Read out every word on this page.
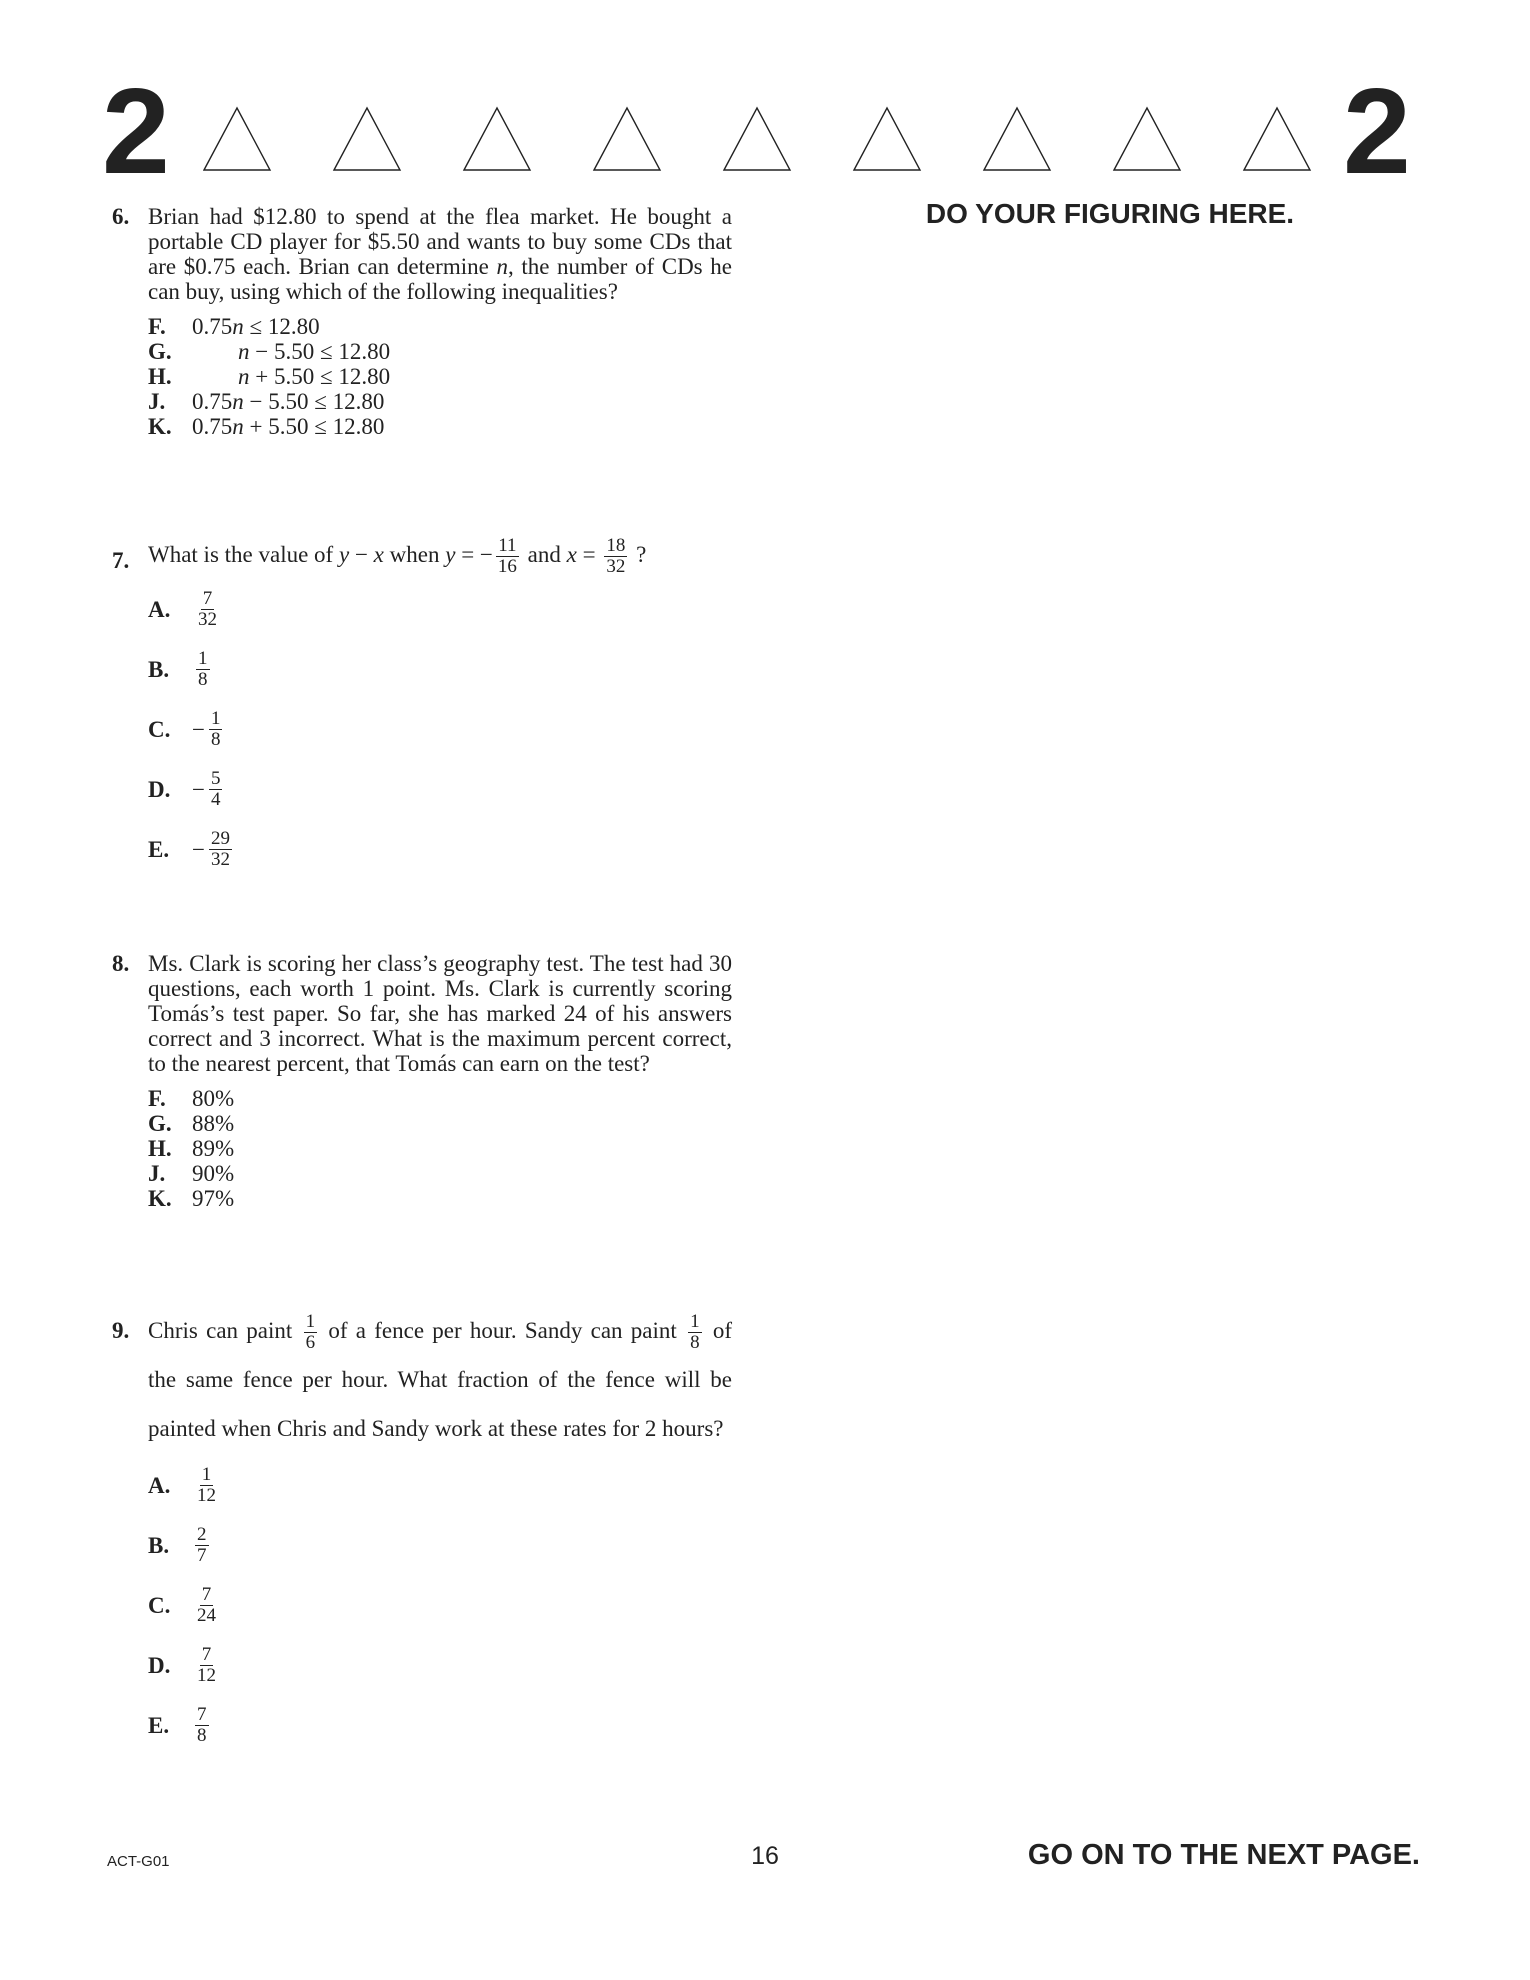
2	2
DO YOUR FIGURING HERE.
6. Brian had $12.80 to spend at the flea market. He bought a portable CD player for $5.50 and wants to buy some CDs that are $0.75 each. Brian can determine n, the number of CDs he can buy, using which of the following inequalities?
F.	0.75n ≤ 12.80
G.	n − 5.50 ≤ 12.80
H.	n + 5.50 ≤ 12.80
J.	0.75n − 5.50 ≤ 12.80
K. 0.75n + 5.50 ≤ 12.80
7. What is the value of y − x when y = − $\frac{11}{16}$ and $x = \frac{18}{32}$ ?
A.	$\frac{7}{32}$
B.	$\frac{1}{8}$
C. − $\frac{1}{8}$
D. − $\frac{5}{4}$
E. − $\frac{29}{32}$
8. Ms. Clark is scoring her class’s geography test. The test had 30 questions, each worth 1 point. Ms. Clark is currently scoring Tomás’s test paper. So far, she has marked 24 of his answers correct and 3 incorrect. What is the maximum percent correct, to the nearest percent, that Tomás can earn on the test?
F.	80%
G. 88%
H. 89%
J.	90%
K. 97%
9. Chris can paint $\frac{1}{6}$ of a fence per hour. Sandy can paint $\frac{1}{8}$ of the same fence per hour. What fraction of the fence will be painted when Chris and Sandy work at these rates for 2 hours?
A.	$\frac{1}{12}$
B.	$\frac{2}{7}$
C.	$\frac{7}{24}$
D.	$\frac{7}{12}$
E.	$\frac{7}{8}$
ACT-G01	16	GO ON TO THE NEXT PAGE.
